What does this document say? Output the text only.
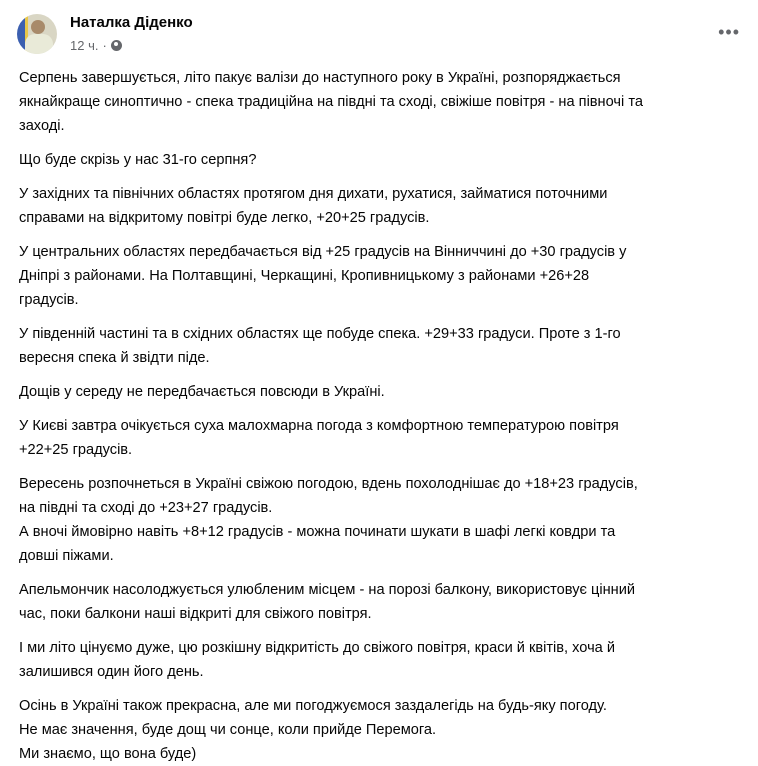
Наталка Діденко
12 ч. ·
•••
Серпень завершується, літо пакує валізи до наступного року в Україні, розпоряджається
якнайкраще синоптично - спека традиційна на півдні та сході, свіжіше повітря - на півночі та
заході.
Що буде скрізь у нас 31-го серпня?
У західних та північних областях протягом дня дихати, рухатися, займатися поточними
справами на відкритому повітрі буде легко, +20+25 градусів.
У центральних областях передбачається від +25 градусів на Вінниччині до +30 градусів у
Дніпрі з районами. На Полтавщині, Черкащині, Кропивницькому з районами +26+28
градусів.
У південній частині та в східних областях ще побуде спека. +29+33 градуси. Проте з 1-го
вересня спека й звідти піде.
Дощів у середу не передбачається повсюди в Україні.
У Києві завтра очікується суха малохмарна погода з комфортною температурою повітря
+22+25 градусів.
Вересень розпочнеться в Україні свіжою погодою, вдень похолоднішає до +18+23 градусів,
на півдні та сході до +23+27 градусів.
А вночі ймовірно навіть +8+12 градусів - можна починати шукати в шафі легкі ковдри та
довші піжами.
Апельмончик насолоджується улюбленим місцем - на порозі балкону, використовує цінний
час, поки балкони наші відкриті для свіжого повітря.
І ми літо цінуємо дуже, цю розкішну відкритість до свіжого повітря, краси й квітів, хоча й
залишився один його день.
Осінь в Україні також прекрасна, але ми погоджуємося заздалегідь на будь-яку погоду.
Не має значення, буде дощ чи сонце, коли прийде Перемога.
Ми знаємо, що вона буде)
